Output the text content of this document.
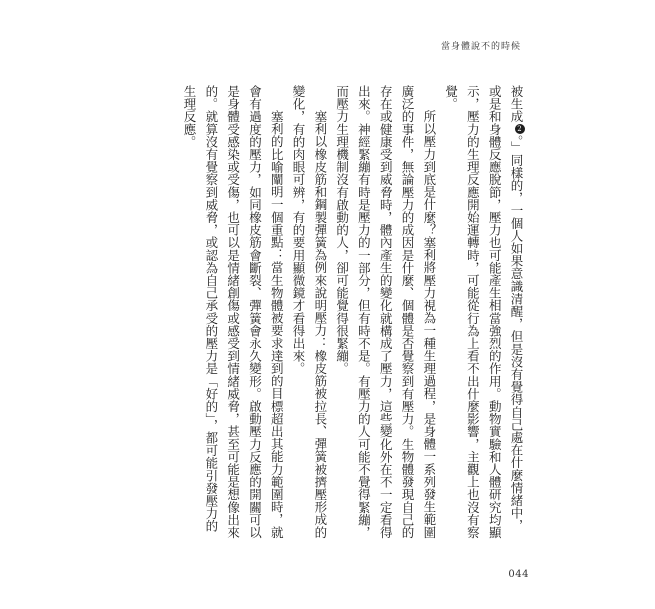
當身體說不的時候

被生成2。」同樣的，一個人如果意識清醒，但是沒有覺得自己處在什麼情緒中，或是和身體反應脫節，壓力也可能產生相當強烈的作用。動物實驗和人體研究均顯示，壓力的生理反應開始運轉時，可能從行為上看不出什麼影響，主觀上也沒有察覺。

所以壓力到底是什麼？塞利將壓力視為一種生理過程，是身體一系列發生範圍廣泛的事件，無論壓力的成因是什麼、個體是否覺察到有壓力。生物體發現自己的存在或健康受到威脅時，體內產生的變化就構成了壓力，這些變化外在不一定看得出來。神經緊繃有時是壓力的一部分，但有時不是。有壓力的人可能不覺得緊繃，而壓力生理機制沒有啟動的人，卻可能覺得很緊繃。

塞利以橡皮筋和鋼製彈簧為例來說明壓力：橡皮筋被拉長、彈簧被擠壓形成的變化，有的肉眼可辨，有的要用顯微鏡才看得出來。

塞利的比喻闡明一個重點：當生物體被要求達到的目標超出其能力範圍時，就會有過度的壓力，如同橡皮筋會斷裂、彈簧會永久變形。啟動壓力反應的開關可以是身體受感染或受傷，也可以是情緒創傷或感受到情緒威脅，甚至可能是想像出來的。就算沒有覺察到威脅，或認為自己承受的壓力是「好的」，都可能引發壓力的生理反應。

044
